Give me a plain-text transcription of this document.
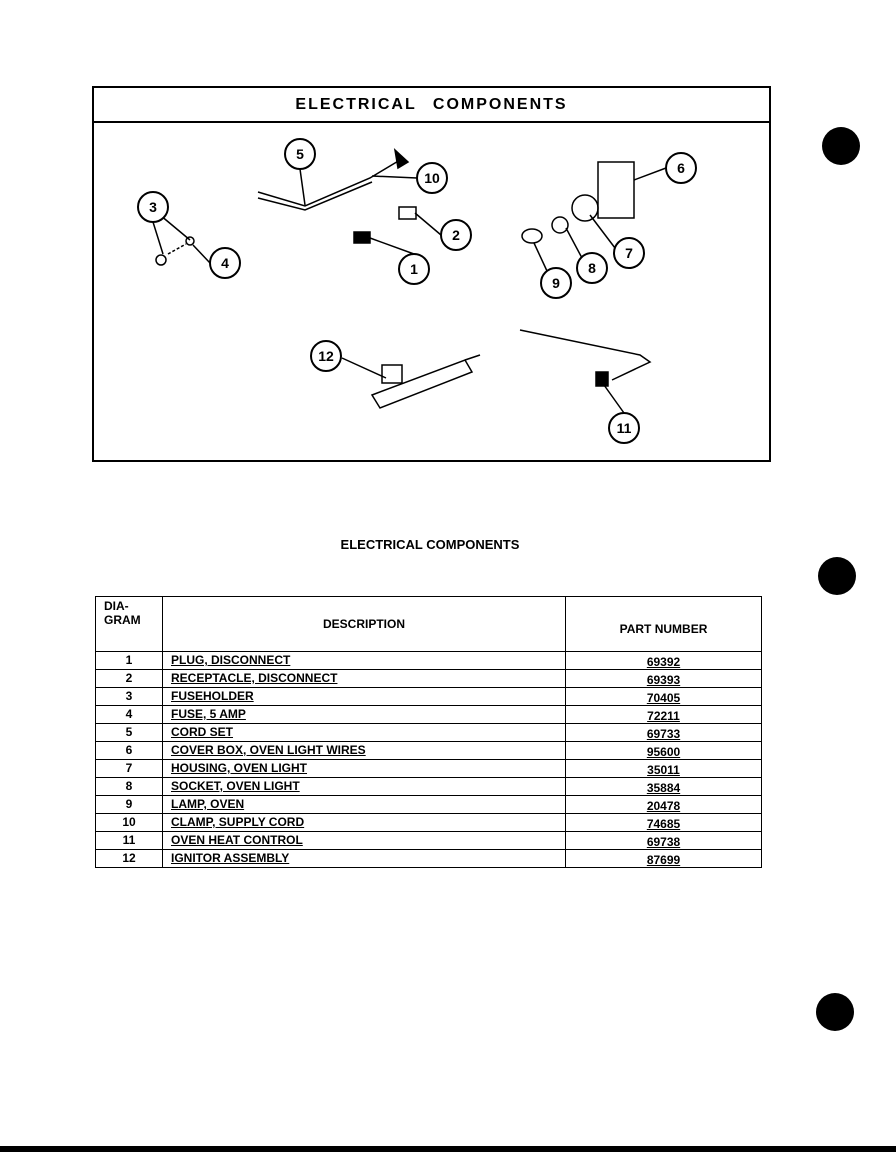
ELECTRICAL COMPONENTS
1
2
3
4
5
6
7
8
9
10
11
12
ELECTRICAL COMPONENTS
DIA-
GRAM	DESCRIPTION	PART NUMBER
1	PLUG, DISCONNECT	69392
2	RECEPTACLE, DISCONNECT	69393
3	FUSEHOLDER	70405
4	FUSE, 5 AMP	72211
5	CORD SET	69733
6	COVER BOX, OVEN LIGHT WIRES	95600
7	HOUSING, OVEN LIGHT	35011
8	SOCKET, OVEN LIGHT	35884
9	LAMP, OVEN	20478
10	CLAMP, SUPPLY CORD	74685
11	OVEN HEAT CONTROL	69738
12	IGNITOR ASSEMBLY	87699
